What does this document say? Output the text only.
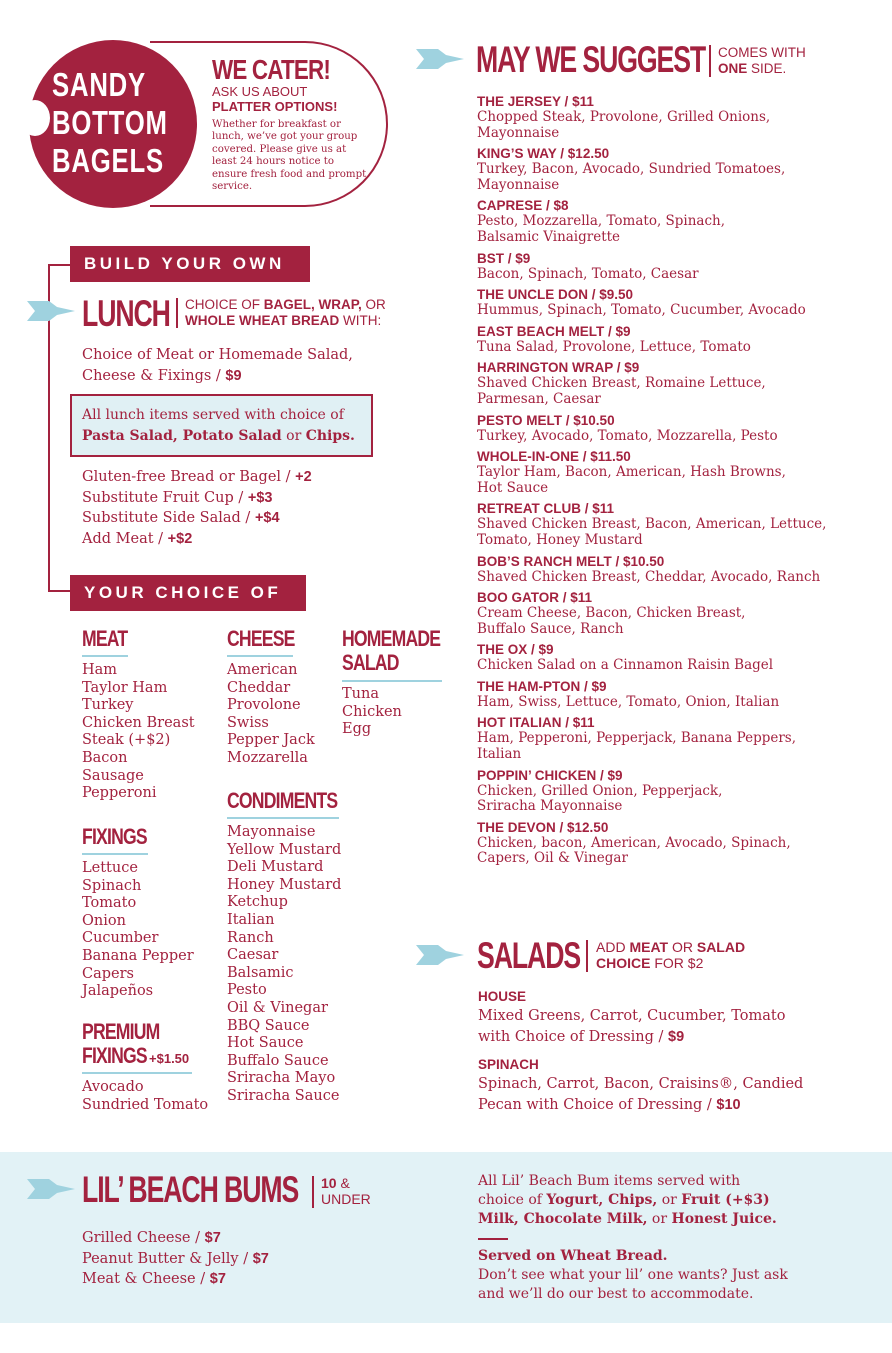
SANDY
BOTTOM
BAGELS
WE CATER!
ASK US ABOUT
PLATTER OPTIONS!
Whether for breakfast or lunch, we’ve got your group covered. Please give us at least 24 hours notice to ensure fresh food and prompt service.
BUILD YOUR OWN
LUNCH CHOICE OF BAGEL, WRAP, OR
WHOLE WHEAT BREAD WITH:
Choice of Meat or Homemade Salad,
Cheese & Fixings / $9
All lunch items served with choice of
Pasta Salad, Potato Salad or Chips.
Gluten-free Bread or Bagel / +2
Substitute Fruit Cup / +$3
Substitute Side Salad / +$4
Add Meat / +$2
YOUR CHOICE OF
MEAT
Ham
Taylor Ham
Turkey
Chicken Breast
Steak (+$2)
Bacon
Sausage
Pepperoni
CHEESE
American
Cheddar
Provolone
Swiss
Pepper Jack
Mozzarella
HOMEMADE
SALAD
Tuna
Chicken
Egg
FIXINGS
Lettuce
Spinach
Tomato
Onion
Cucumber
Banana Pepper
Capers
Jalapeños
PREMIUM
FIXINGS +$1.50
Avocado
Sundried Tomato
CONDIMENTS
Mayonnaise
Yellow Mustard
Deli Mustard
Honey Mustard
Ketchup
Italian
Ranch
Caesar
Balsamic
Pesto
Oil & Vinegar
BBQ Sauce
Hot Sauce
Buffalo Sauce
Sriracha Mayo
Sriracha Sauce
MAY WE SUGGEST COMES WITH
ONE SIDE.
THE JERSEY / $11
Chopped Steak, Provolone, Grilled Onions,
Mayonnaise
KING’S WAY / $12.50
Turkey, Bacon, Avocado, Sundried Tomatoes,
Mayonnaise
CAPRESE / $8
Pesto, Mozzarella, Tomato, Spinach,
Balsamic Vinaigrette
BST / $9
Bacon, Spinach, Tomato, Caesar
THE UNCLE DON / $9.50
Hummus, Spinach, Tomato, Cucumber, Avocado
EAST BEACH MELT / $9
Tuna Salad, Provolone, Lettuce, Tomato
HARRINGTON WRAP / $9
Shaved Chicken Breast, Romaine Lettuce,
Parmesan, Caesar
PESTO MELT / $10.50
Turkey, Avocado, Tomato, Mozzarella, Pesto
WHOLE-IN-ONE / $11.50
Taylor Ham, Bacon, American, Hash Browns,
Hot Sauce
RETREAT CLUB / $11
Shaved Chicken Breast, Bacon, American, Lettuce,
Tomato, Honey Mustard
BOB’S RANCH MELT / $10.50
Shaved Chicken Breast, Cheddar, Avocado, Ranch
BOO GATOR / $11
Cream Cheese, Bacon, Chicken Breast,
Buffalo Sauce, Ranch
THE OX / $9
Chicken Salad on a Cinnamon Raisin Bagel
THE HAM-PTON / $9
Ham, Swiss, Lettuce, Tomato, Onion, Italian
HOT ITALIAN / $11
Ham, Pepperoni, Pepperjack, Banana Peppers,
Italian
POPPIN’ CHICKEN / $9
Chicken, Grilled Onion, Pepperjack,
Sriracha Mayonnaise
THE DEVON / $12.50
Chicken, bacon, American, Avocado, Spinach,
Capers, Oil & Vinegar
SALADS ADD MEAT OR SALAD
CHOICE FOR $2
HOUSE
Mixed Greens, Carrot, Cucumber, Tomato
with Choice of Dressing / $9
SPINACH
Spinach, Carrot, Bacon, Craisins®, Candied
Pecan with Choice of Dressing / $10
LIL’ BEACH BUMS 10 &
UNDER
Grilled Cheese / $7
Peanut Butter & Jelly / $7
Meat & Cheese / $7
All Lil’ Beach Bum items served with
choice of Yogurt, Chips, or Fruit (+$3)
Milk, Chocolate Milk, or Honest Juice.
Served on Wheat Bread.
Don’t see what your lil’ one wants? Just ask
and we’ll do our best to accommodate.
